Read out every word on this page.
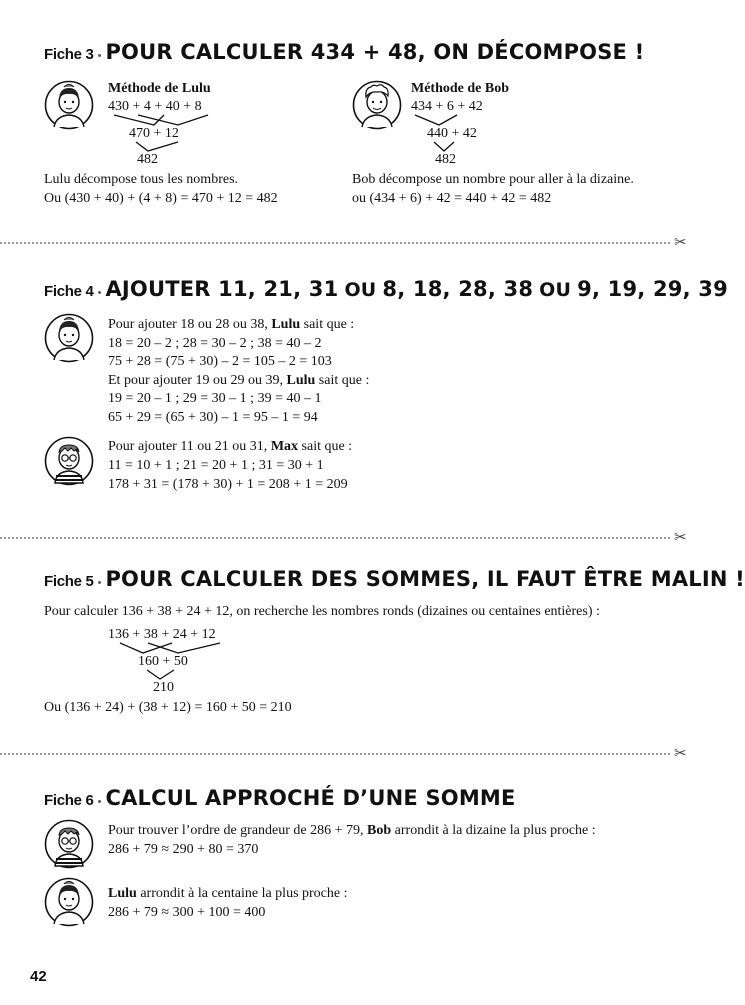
Fiche 3 • POUR CALCULER 434 + 48, ON DÉCOMPOSE !
Méthode de Lulu
430 + 4 + 40 + 8
470 + 12
482
Lulu décompose tous les nombres.
Ou (430 + 40) + (4 + 8) = 470 + 12 = 482
Méthode de Bob
434 + 6 + 42
440 + 42
482
Bob décompose un nombre pour aller à la dizaine.
ou (434 + 6) + 42 = 440 + 42 = 482
✂
Fiche 4 • AJOUTER 11, 21, 31 OU 8, 18, 28, 38 OU 9, 19, 29, 39
Pour ajouter 18 ou 28 ou 38, Lulu sait que :
18 = 20 – 2 ; 28 = 30 – 2 ; 38 = 40 – 2
75 + 28 = (75 + 30) – 2 = 105 – 2 = 103
Et pour ajouter 19 ou 29 ou 39, Lulu sait que :
19 = 20 – 1 ; 29 = 30 – 1 ; 39 = 40 – 1
65 + 29 = (65 + 30) – 1 = 95 – 1 = 94
Pour ajouter 11 ou 21 ou 31, Max sait que :
11 = 10 + 1 ; 21 = 20 + 1 ; 31 = 30 + 1
178 + 31 = (178 + 30) + 1 = 208 + 1 = 209
✂
Fiche 5 • POUR CALCULER DES SOMMES, IL FAUT ÊTRE MALIN !
Pour calculer 136 + 38 + 24 + 12, on recherche les nombres ronds (dizaines ou centaines entières) :
136 + 38 + 24 + 12
160 + 50
210
Ou (136 + 24) + (38 + 12) = 160 + 50 = 210
✂
Fiche 6 • CALCUL APPROCHÉ D’UNE SOMME
Pour trouver l’ordre de grandeur de 286 + 79, Bob arrondit à la dizaine la plus proche :
286 + 79 ≈ 290 + 80 = 370
Lulu arrondit à la centaine la plus proche :
286 + 79 ≈ 300 + 100 = 400
42
